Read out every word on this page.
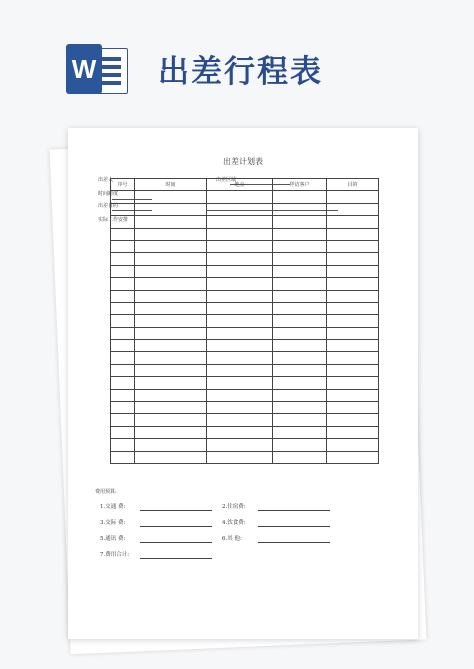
W 出差行程表
出差计划表
出差人	出差区域
时间跨度
出差目的
实际工作安排
序号	时间	地点	拜访客户	目的

费用预算:
1.交通 费:	2.住宿费:
3.交际 费:	4.饮食费:
5.通讯 费:	6.其 他:
7.费用合计:
